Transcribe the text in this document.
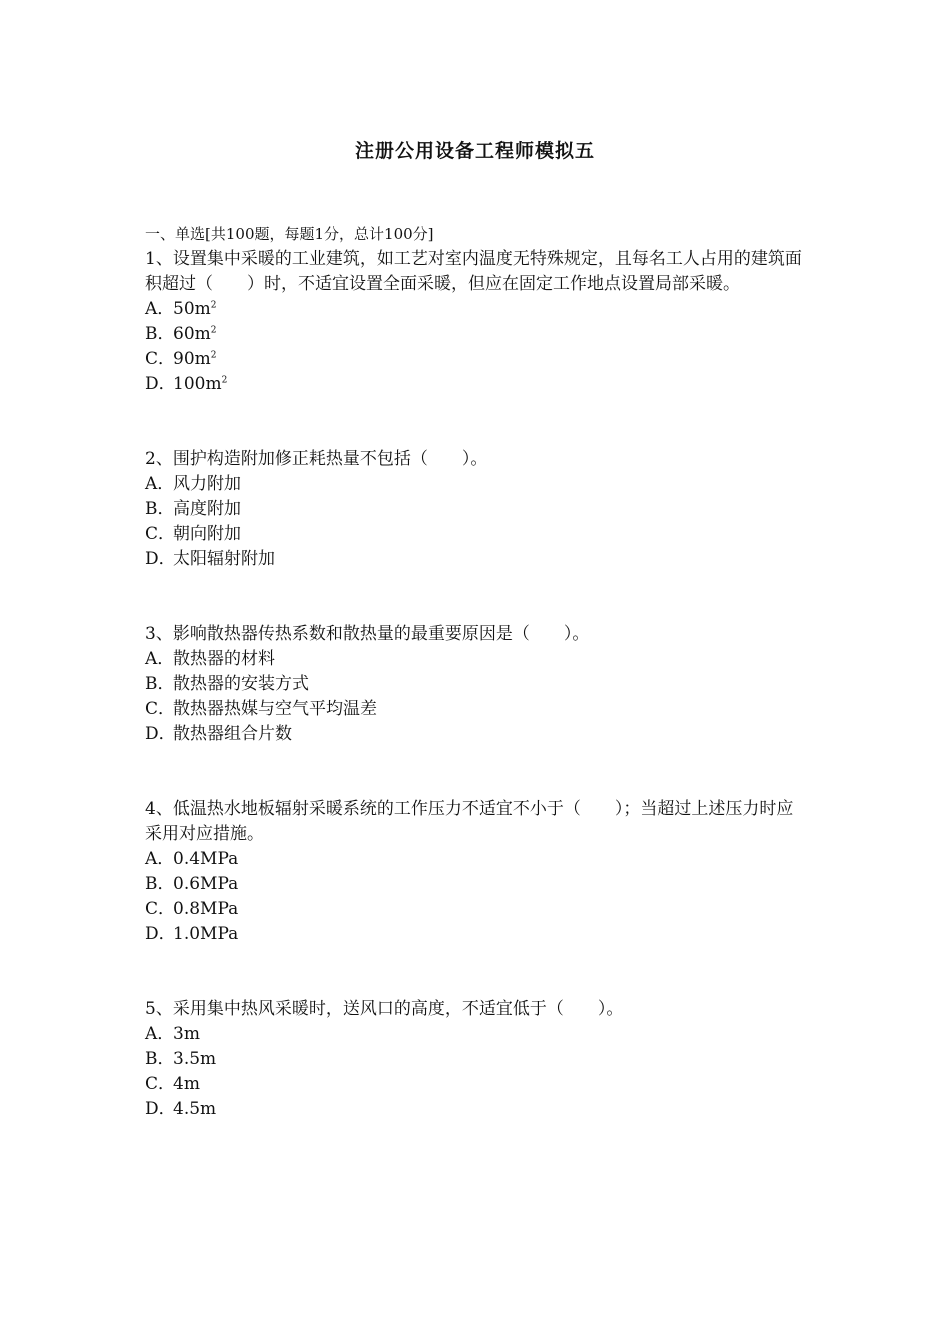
注册公用设备工程师模拟五

一、单选[共100题，每题1分，总计100分]

1、设置集中采暖的工业建筑，如工艺对室内温度无特殊规定，且每名工人占用的建筑面积超过（　　）时，不适宜设置全面采暖，但应在固定工作地点设置局部采暖。

A．$50m^2$

B．$60m^2$

C．$90m^2$

D．$100m^2$

2、围护构造附加修正耗热量不包括（　　）。

A．风力附加

B．高度附加

C．朝向附加

D．太阳辐射附加

3、影响散热器传热系数和散热量的最重要原因是（　　）。

A．散热器的材料

B．散热器的安装方式

C．散热器热媒与空气平均温差

D．散热器组合片数

4、低温热水地板辐射采暖系统的工作压力不适宜不小于（　　）；当超过上述压力时应采用对应措施。

A．0.4MPa

B．0.6MPa

C．0.8MPa

D．1.0MPa

5、采用集中热风采暖时，送风口的高度，不适宜低于（　　）。

A．3m

B．3.5m

C．4m

D．4.5m
